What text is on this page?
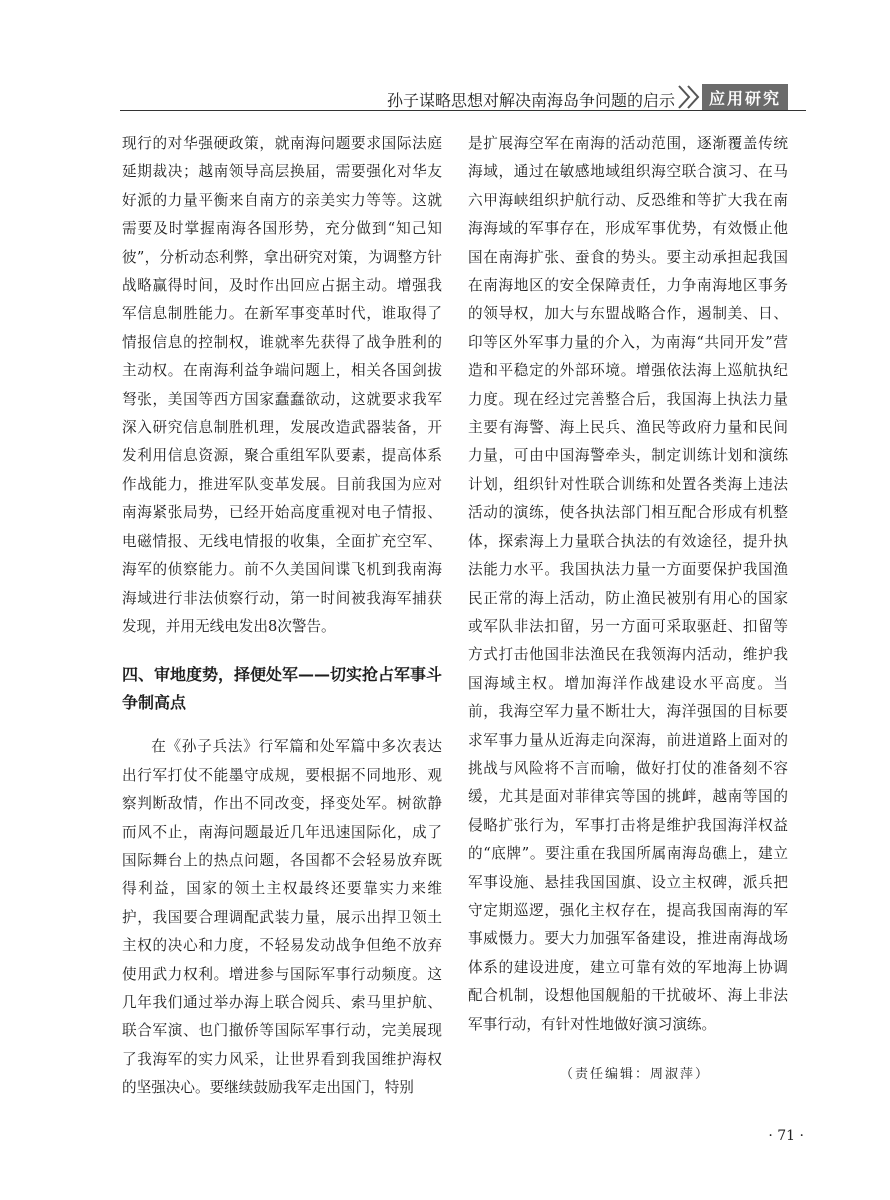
孙子谋略思想对解决南海岛争问题的启示	应用研究

现行的对华强硬政策，就南海问题要求国际法庭延期裁决；越南领导高层换届，需要强化对华友好派的力量平衡来自南方的亲美实力等等。这就需要及时掌握南海各国形势，充分做到“知己知彼”，分析动态利弊，拿出研究对策，为调整方针战略赢得时间，及时作出回应占据主动。增强我军信息制胜能力。在新军事变革时代，谁取得了情报信息的控制权，谁就率先获得了战争胜利的主动权。在南海利益争端问题上，相关各国剑拔弩张，美国等西方国家蠢蠢欲动，这就要求我军深入研究信息制胜机理，发展改造武器装备，开发利用信息资源，聚合重组军队要素，提高体系作战能力，推进军队变革发展。目前我国为应对南海紧张局势，已经开始高度重视对电子情报、电磁情报、无线电情报的收集，全面扩充空军、海军的侦察能力。前不久美国间谍飞机到我南海海域进行非法侦察行动，第一时间被我海军捕获发现，并用无线电发出8次警告。

四、审地度势，择便处军——切实抢占军事斗争制高点

在《孙子兵法》行军篇和处军篇中多次表达出行军打仗不能墨守成规，要根据不同地形、观察判断敌情，作出不同改变，择变处军。树欲静而风不止，南海问题最近几年迅速国际化，成了国际舞台上的热点问题，各国都不会轻易放弃既得利益，国家的领土主权最终还要靠实力来维护，我国要合理调配武装力量，展示出捍卫领土主权的决心和力度，不轻易发动战争但绝不放弃使用武力权利。增进参与国际军事行动频度。这几年我们通过举办海上联合阅兵、索马里护航、联合军演、也门撤侨等国际军事行动，完美展现了我海军的实力风采，让世界看到我国维护海权的坚强决心。要继续鼓励我军走出国门，特别

是扩展海空军在南海的活动范围，逐渐覆盖传统海域，通过在敏感地域组织海空联合演习、在马六甲海峡组织护航行动、反恐维和等扩大我在南海海域的军事存在，形成军事优势，有效慑止他国在南海扩张、蚕食的势头。要主动承担起我国在南海地区的安全保障责任，力争南海地区事务的领导权，加大与东盟战略合作，遏制美、日、印等区外军事力量的介入，为南海“共同开发”营造和平稳定的外部环境。增强依法海上巡航执纪力度。现在经过完善整合后，我国海上执法力量主要有海警、海上民兵、渔民等政府力量和民间力量，可由中国海警牵头，制定训练计划和演练计划，组织针对性联合训练和处置各类海上违法活动的演练，使各执法部门相互配合形成有机整体，探索海上力量联合执法的有效途径，提升执法能力水平。我国执法力量一方面要保护我国渔民正常的海上活动，防止渔民被别有用心的国家或军队非法扣留，另一方面可采取驱赶、扣留等方式打击他国非法渔民在我领海内活动，维护我国海域主权。增加海洋作战建设水平高度。当前，我海空军力量不断壮大，海洋强国的目标要求军事力量从近海走向深海，前进道路上面对的挑战与风险将不言而喻，做好打仗的准备刻不容缓，尤其是面对菲律宾等国的挑衅，越南等国的侵略扩张行为，军事打击将是维护我国海洋权益的“底牌”。要注重在我国所属南海岛礁上，建立军事设施、悬挂我国国旗、设立主权碑，派兵把守定期巡逻，强化主权存在，提高我国南海的军事威慑力。要大力加强军备建设，推进南海战场体系的建设进度，建立可靠有效的军地海上协调配合机制，设想他国舰船的干扰破坏、海上非法军事行动，有针对性地做好演习演练。

（责任编辑：周淑萍）
· 71 ·
